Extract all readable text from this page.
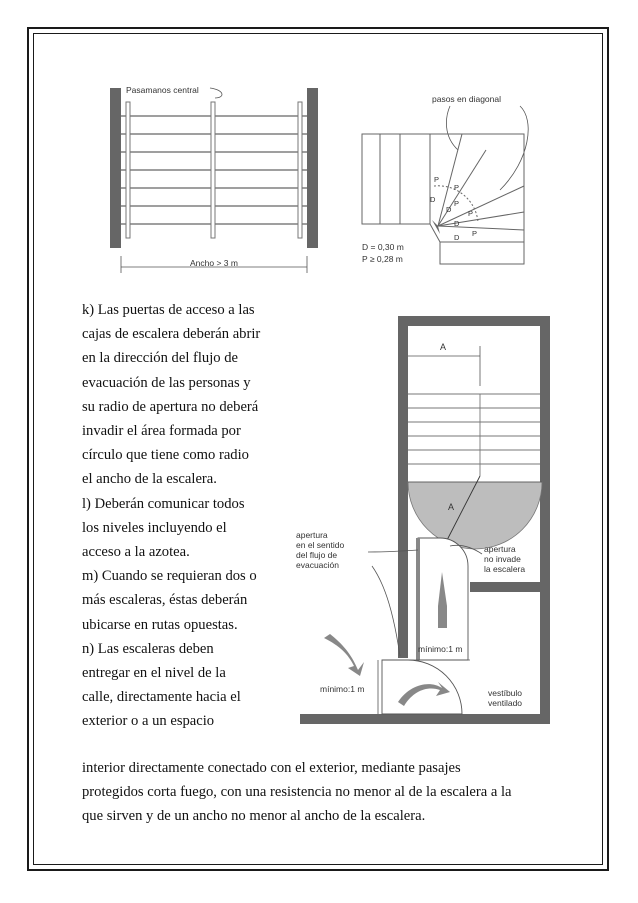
Pasamanos central
Ancho > 3 m
pasos en diagonal
P
P
D P
D P
D
P
D
D = 0,30 m
P ≥ 0,28 m
A
A
mínimo:1 m
mínimo:1 m
apertura
en el sentido
del flujo de
evacuación
apertura
no invade
la escalera
vestíbulo
ventilado
k) Las puertas de acceso a las
cajas de escalera deberán abrir
en la dirección del flujo de
evacuación de las personas y
su radio de apertura no deberá
invadir el área formada por
círculo que tiene como radio
el ancho de la escalera.
l) Deberán comunicar todos
los niveles incluyendo el
acceso a la azotea.
m) Cuando se requieran dos o
más escaleras, éstas deberán
ubicarse en rutas opuestas.
n) Las escaleras deben
entregar en el nivel de la
calle, directamente hacia el
exterior o a un espacio
interior directamente conectado con el exterior, mediante pasajes
protegidos corta fuego, con una resistencia no menor al de la escalera a la
que sirven y de un ancho no menor al ancho de la escalera.
